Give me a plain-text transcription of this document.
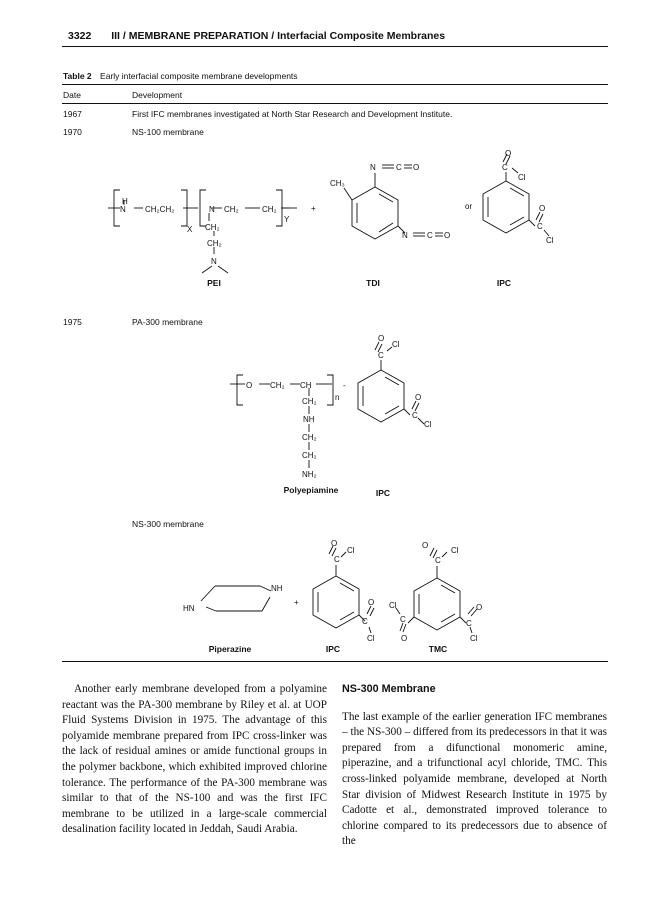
3322 III / MEMBRANE PREPARATION / Interfacial Composite Membranes
Table 2 Early interfacial composite membrane developments
Date	Development
1967	First IFC membranes investigated at North Star Research and Development Institute.
1970	NS-100 membrane
1975	PA-300 membrane
NS-300 membrane
H
N CH₂CH₂
X
N CH₂	CH₂
Y
CH₂
CH₂
N
CH₃
N	C O
N C O
O
C
Cl
O
C
Cl
O CH₂ CH
n
CH₂
NH
CH₂
CH₂
NH₂
O
C
Cl
O
C
Cl
NH
HN
O
C
Cl
O
C
Cl
O
C
Cl
O
C
Cl
Cl
C
O
PEI	TDI	IPC
or
+
-
Polyepiamine	IPC
+
Piperazine	IPC	TMC

Another early membrane developed from a polyamine reactant was the PA-300 membrane by Riley et al. at UOP Fluid Systems Division in 1975. The advantage of this polyamide membrane prepared from IPC cross-linker was the lack of residual amines or amide functional groups in the polymer backbone, which exhibited improved chlorine tolerance. The performance of the PA-300 membrane was similar to that of the NS-100 and was the first IFC membrane to be utilized in a large-scale commercial desalination facility located in Jeddah, Saudi Arabia.

NS-300 Membrane

The last example of the earlier generation IFC membranes – the NS-300 – differed from its predecessors in that it was prepared from a difunctional monomeric amine, piperazine, and a trifunctional acyl chloride, TMC. This cross-linked polyamide membrane, developed at North Star division of Midwest Research Institute in 1975 by Cadotte et al., demonstrated improved tolerance to chlorine compared to its predecessors due to absence of the
